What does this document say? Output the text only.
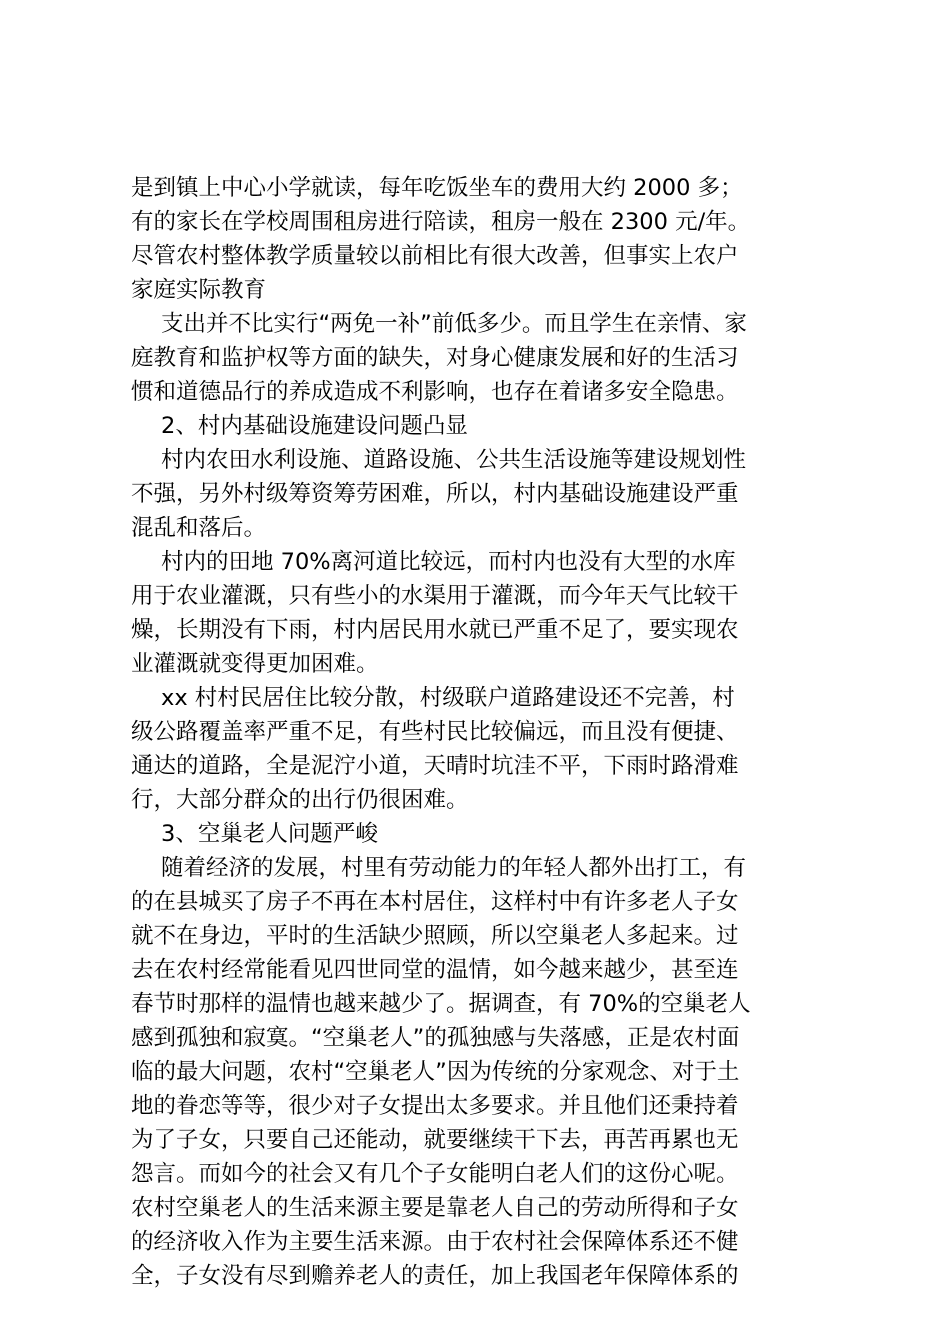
是到镇上中心小学就读，每年吃饭坐车的费用大约 2000 多；
有的家长在学校周围租房进行陪读，租房一般在 2300 元/年。
尽管农村整体教学质量较以前相比有很大改善，但事实上农户
家庭实际教育
支出并不比实行“两免一补”前低多少。而且学生在亲情、家
庭教育和监护权等方面的缺失，对身心健康发展和好的生活习
惯和道德品行的养成造成不利影响，也存在着诸多安全隐患。
2、村内基础设施建设问题凸显
村内农田水利设施、道路设施、公共生活设施等建设规划性
不强，另外村级筹资筹劳困难，所以，村内基础设施建设严重
混乱和落后。
村内的田地 70%离河道比较远，而村内也没有大型的水库
用于农业灌溉，只有些小的水渠用于灌溉，而今年天气比较干
燥，长期没有下雨，村内居民用水就已严重不足了，要实现农
业灌溉就变得更加困难。
xx 村村民居住比较分散，村级联户道路建设还不完善，村
级公路覆盖率严重不足，有些村民比较偏远，而且没有便捷、
通达的道路，全是泥泞小道，天晴时坑洼不平，下雨时路滑难
行，大部分群众的出行仍很困难。
3、空巢老人问题严峻
随着经济的发展，村里有劳动能力的年轻人都外出打工，有
的在县城买了房子不再在本村居住，这样村中有许多老人子女
就不在身边，平时的生活缺少照顾，所以空巢老人多起来。过
去在农村经常能看见四世同堂的温情，如今越来越少，甚至连
春节时那样的温情也越来越少了。据调查，有 70%的空巢老人
感到孤独和寂寞。“空巢老人”的孤独感与失落感，正是农村面
临的最大问题，农村“空巢老人”因为传统的分家观念、对于土
地的眷恋等等，很少对子女提出太多要求。并且他们还秉持着
为了子女，只要自己还能动，就要继续干下去，再苦再累也无
怨言。而如今的社会又有几个子女能明白老人们的这份心呢。
农村空巢老人的生活来源主要是靠老人自己的劳动所得和子女
的经济收入作为主要生活来源。由于农村社会保障体系还不健
全，子女没有尽到赡养老人的责任，加上我国老年保障体系的
